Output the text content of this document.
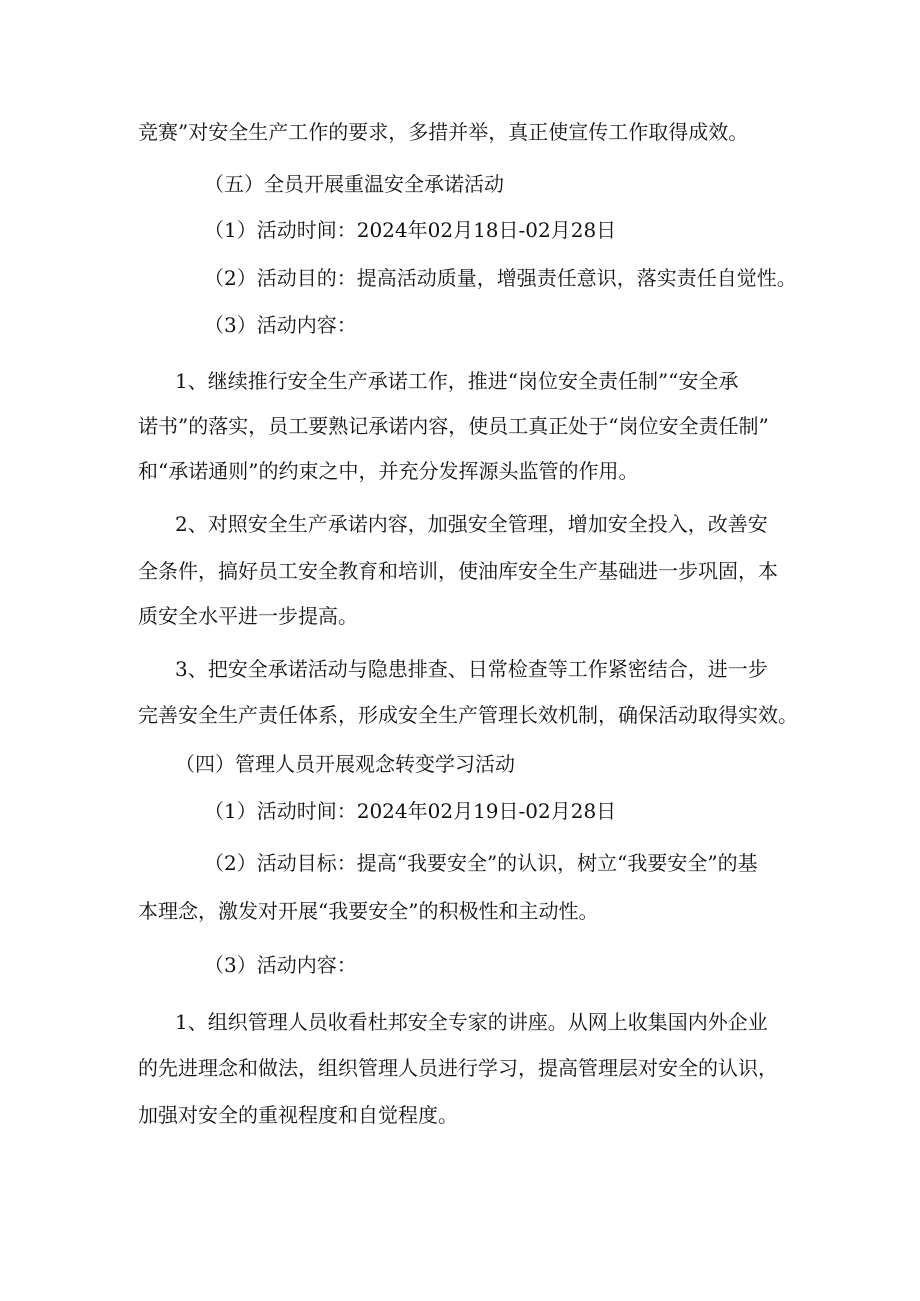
竞赛”对安全生产工作的要求，多措并举，真正使宣传工作取得成效。
（五）全员开展重温安全承诺活动
（1）活动时间：2024年02月18日-02月28日
（2）活动目的：提高活动质量，增强责任意识，落实责任自觉性。
（3）活动内容：
1、继续推行安全生产承诺工作，推进“岗位安全责任制”“安全承
诺书”的落实，员工要熟记承诺内容，使员工真正处于“岗位安全责任制”
和“承诺通则”的约束之中，并充分发挥源头监管的作用。
2、对照安全生产承诺内容，加强安全管理，增加安全投入，改善安
全条件，搞好员工安全教育和培训，使油库安全生产基础进一步巩固，本
质安全水平进一步提高。
3、把安全承诺活动与隐患排查、日常检查等工作紧密结合，进一步
完善安全生产责任体系，形成安全生产管理长效机制，确保活动取得实效。
（四）管理人员开展观念转变学习活动
（1）活动时间：2024年02月19日-02月28日
（2）活动目标：提高“我要安全”的认识，树立“我要安全”的基
本理念，激发对开展“我要安全”的积极性和主动性。
（3）活动内容：
1、组织管理人员收看杜邦安全专家的讲座。从网上收集国内外企业
的先进理念和做法，组织管理人员进行学习，提高管理层对安全的认识，
加强对安全的重视程度和自觉程度。
